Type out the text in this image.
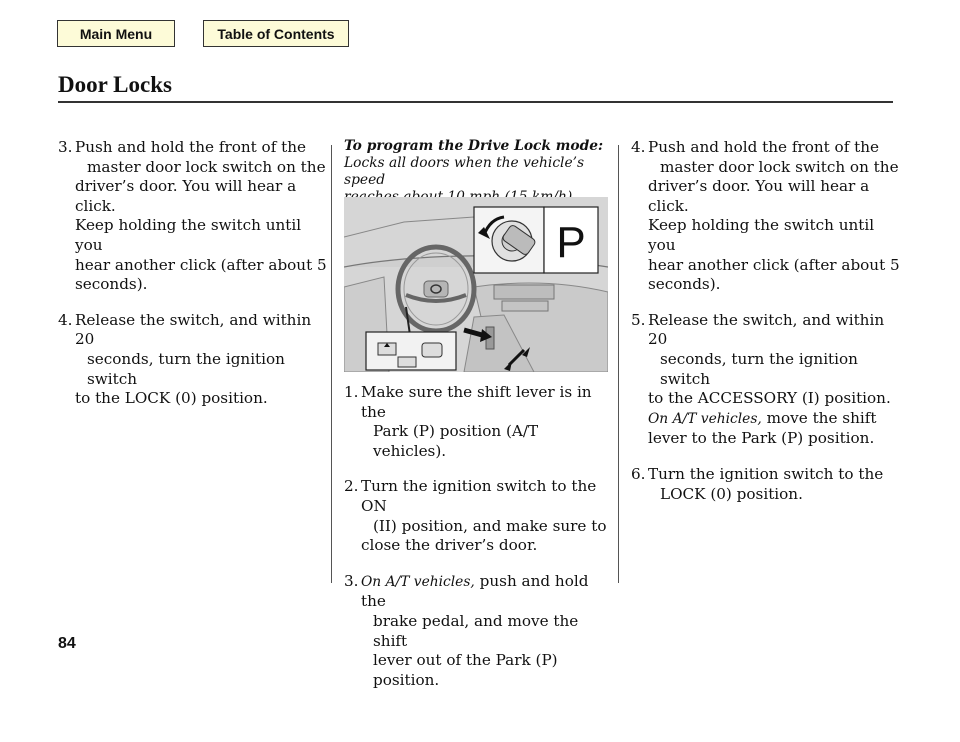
Main Menu	Table of Contents
Door Locks
3. Push and hold the front of the
master door lock switch on the
driver’s door. You will hear a click.
Keep holding the switch until you
hear another click (after about 5
seconds).
4. Release the switch, and within 20
seconds, turn the ignition switch
to the LOCK (0) position.
To program the Drive Lock mode:
Locks all doors when the vehicle’s speed
P
1. Make sure the shift lever is in the
Park (P) position (A/T vehicles).
2. Turn the ignition switch to the ON
(II) position, and make sure to
close the driver’s door.
3. On A/T vehicles, push and hold the
brake pedal, and move the shift
lever out of the Park (P) position.
4. Push and hold the front of the
master door lock switch on the
driver’s door. You will hear a click.
Keep holding the switch until you
hear another click (after about 5
seconds).
5. Release the switch, and within 20
seconds, turn the ignition switch
to the ACCESSORY (I) position.
On A/T vehicles, move the shift
lever to the Park (P) position.
6. Turn the ignition switch to the
LOCK (0) position.
84
